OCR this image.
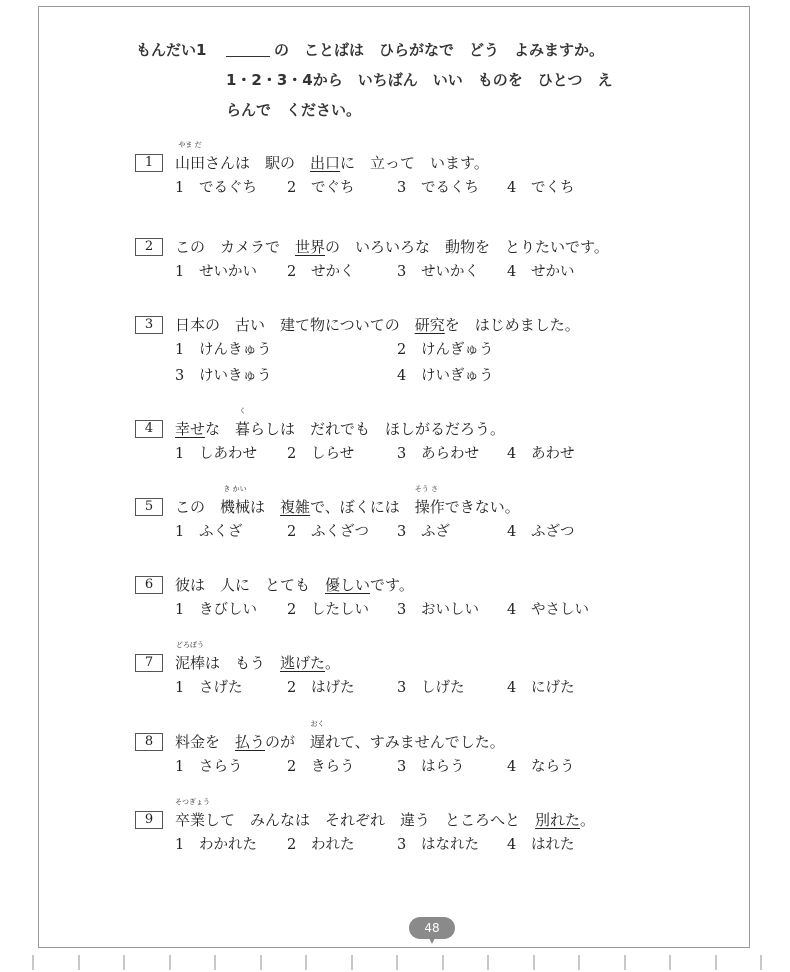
もんだい1	の　ことばは　ひらがなで　どう　よみますか。
1・2・3・4から　いちばん　いい　ものを　ひとつ　え
らんで　ください。
1
やま だ
山田さんは　駅の　出口に　立って　います。
1 でるぐち 2 でぐち	3 でるくち 4 でくち
2	この　カメラで　世界の　いろいろな　動物を　とりたいです。
1 せいかい 2 せかく	3 せいかく 4 せかい
3	日本の　古い　建て物についての　研究を　はじめました。
1 けんきゅう	2 けんぎゅう
3 けいきゅう	4 けいぎゅう
4	幸せな　
く
暮らしは　だれでも　ほしがるだろう。
1 しあわせ 2 しらせ	3 あらわせ 4 あわせ
5	この　
き かい
機械は　複雑で、ぼくには　
そう さ
操作できない。
1 ふくざ	2 ふくざつ 3 ふざ	4 ふざつ
6	彼は　人に　とても　優しいです。
1 きびしい 2 したしい 3 おいしい 4 やさしい
7
どろぼう
泥棒は　もう　逃げた。
1 さげた	2 はげた	3 しげた	4 にげた
8	料金を　払うのが　
おく
遅れて、すみませんでした。
1 さらう	2 きらう	3 はらう	4 ならう
9
そつぎょう
卒業して　みんなは　それぞれ　違う　ところへと　別れた。
1 わかれた 2 われた	3 はなれた 4 はれた
48
